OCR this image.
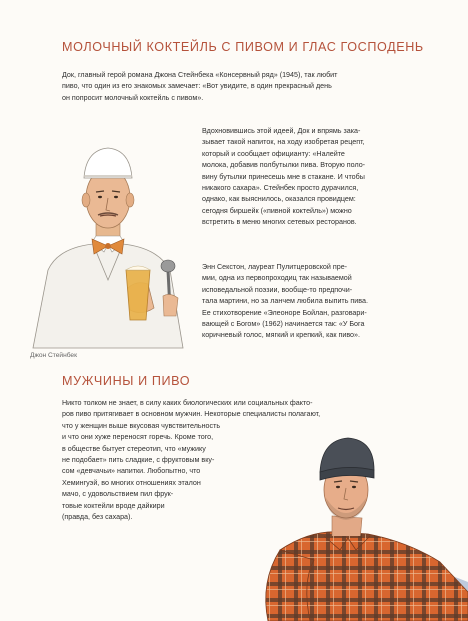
МОЛОЧНЫЙ КОКТЕЙЛЬ С ПИВОМ И ГЛАС ГОСПОДЕНЬ

Док, главный герой романа Джона Стейнбека «Консервный ряд» (1945), так любит
пиво, что один из его знакомых замечает: «Вот увидите, в один прекрасный день
он попросит молочный коктейль с пивом».

Джон Стейнбек

Вдохновившись этой идеей, Док и впрямь зака-
зывает такой напиток, на ходу изобретая рецепт,
который и сообщает официанту: «Налейте
молока, добавив полбутылки пива. Вторую поло-
вину бутылки принесешь мне в стакане. И чтобы
никакого сахара». Стейнбек просто дурачился,
однако, как выяснилось, оказался провидцем:
сегодня биршейк («пивной коктейль») можно
встретить в меню многих сетевых ресторанов.

Энн Секстон, лауреат Пулитцеровской пре-
мии, одна из первопроходиц так называемой
исповедальной поэзии, вообще-то предпочи-
тала мартини, но за ланчем любила выпить пива.
Ее стихотворение «Элеоноре Бойлан, разговари-
вающей с Богом» (1962) начинается так: «У Бога
коричневый голос, мягкий и крепкий, как пиво».

МУЖЧИНЫ И ПИВО

Никто толком не знает, в силу каких биологических или социальных факто-
ров пиво притягивает в основном мужчин. Некоторые специалисты полагают,
что у женщин выше вкусовая чувствительность
и что они хуже переносят горечь. Кроме того,
в обществе бытует стереотип, что «мужику
не подобает» пить сладкие, с фруктовым вку-
сом «девчачьи» напитки. Любопытно, что
Хемингуэй, во многих отношениях эталон
мачо, с удовольствием пил фрук-
товые коктейли вроде дайкири
(правда, без сахара).
